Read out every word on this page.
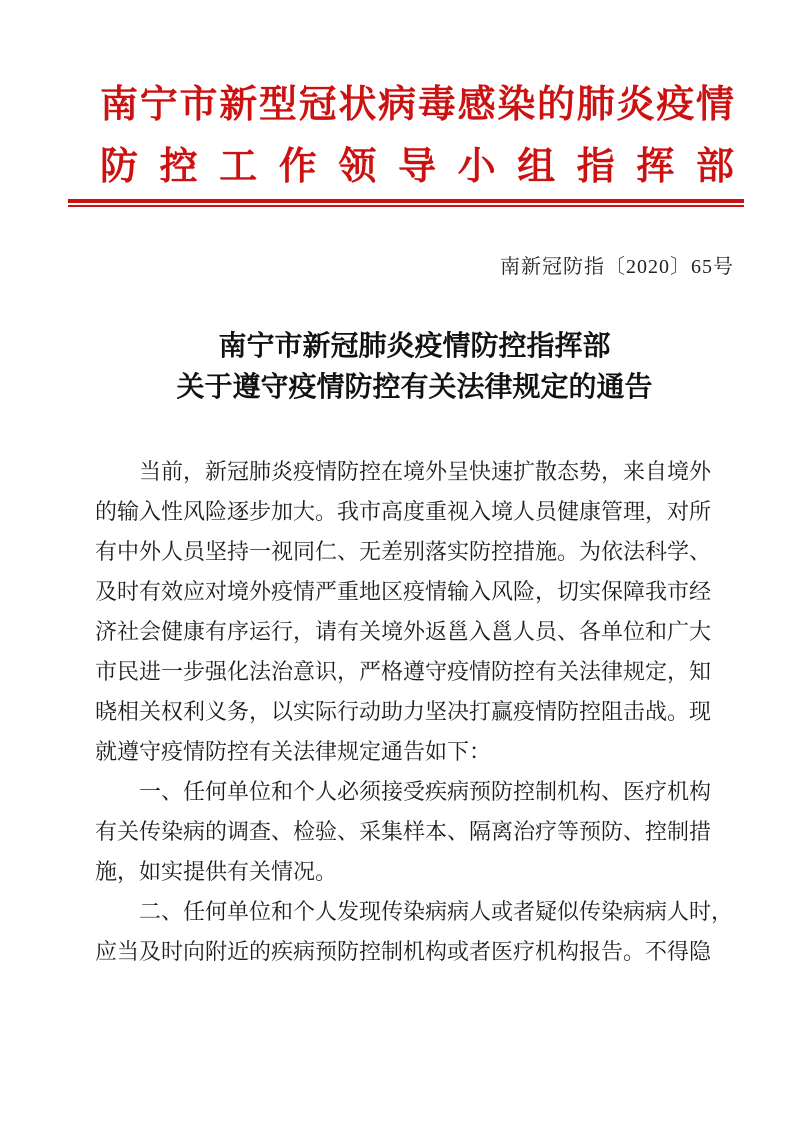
南宁市新型冠状病毒感染的肺炎疫情
防控工作领导小组指挥部
南新冠防指〔2020〕65号
南宁市新冠肺炎疫情防控指挥部
关于遵守疫情防控有关法律规定的通告
　　当前，新冠肺炎疫情防控在境外呈快速扩散态势，来自境外
的输入性风险逐步加大。我市高度重视入境人员健康管理，对所
有中外人员坚持一视同仁、无差别落实防控措施。为依法科学、
及时有效应对境外疫情严重地区疫情输入风险，切实保障我市经
济社会健康有序运行，请有关境外返邕入邕人员、各单位和广大
市民进一步强化法治意识，严格遵守疫情防控有关法律规定，知
晓相关权利义务，以实际行动助力坚决打赢疫情防控阻击战。现
就遵守疫情防控有关法律规定通告如下：
　　一、任何单位和个人必须接受疾病预防控制机构、医疗机构
有关传染病的调查、检验、采集样本、隔离治疗等预防、控制措
施，如实提供有关情况。
　　二、任何单位和个人发现传染病病人或者疑似传染病病人时，
应当及时向附近的疾病预防控制机构或者医疗机构报告。不得隐
